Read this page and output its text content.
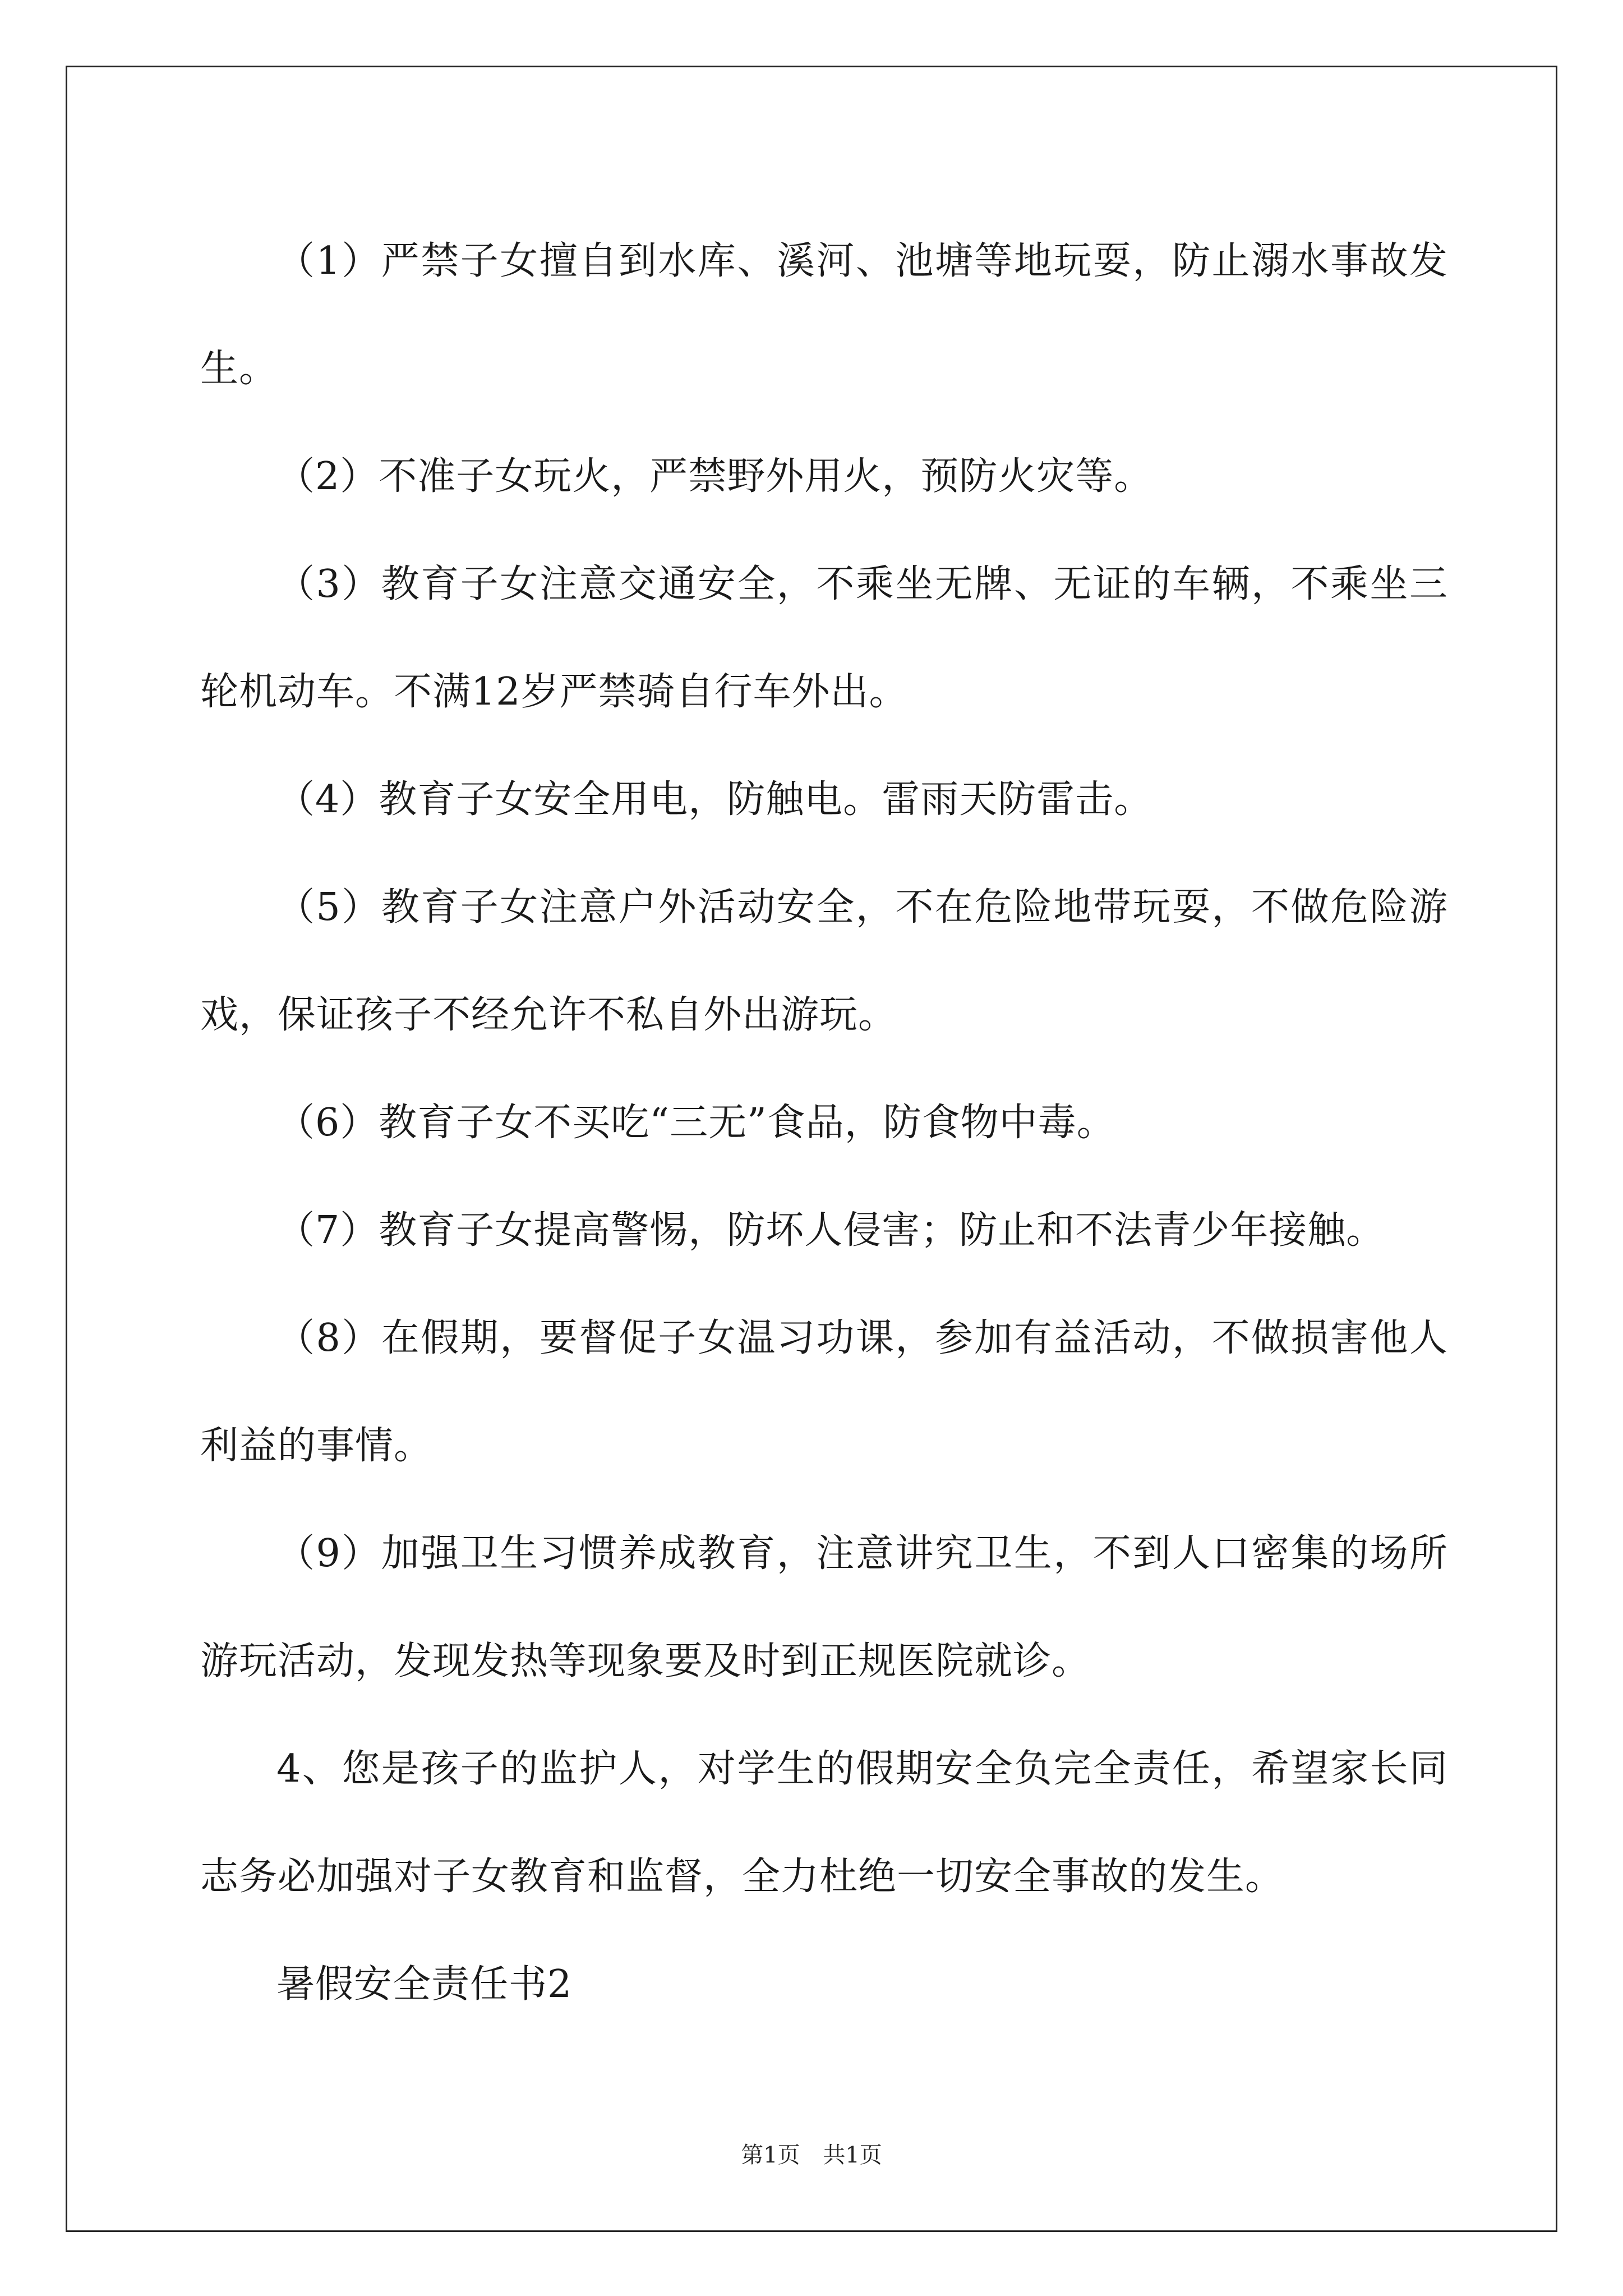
（1）严禁子女擅自到水库、溪河、池塘等地玩耍，防止溺水事故发生。

（2）不准子女玩火，严禁野外用火，预防火灾等。

（3）教育子女注意交通安全，不乘坐无牌、无证的车辆，不乘坐三轮机动车。不满12岁严禁骑自行车外出。

（4）教育子女安全用电，防触电。雷雨天防雷击。

（5）教育子女注意户外活动安全，不在危险地带玩耍，不做危险游戏，保证孩子不经允许不私自外出游玩。

（6）教育子女不买吃“三无”食品，防食物中毒。

（7）教育子女提高警惕，防坏人侵害；防止和不法青少年接触。

（8）在假期，要督促子女温习功课，参加有益活动，不做损害他人利益的事情。

（9）加强卫生习惯养成教育，注意讲究卫生，不到人口密集的场所游玩活动，发现发热等现象要及时到正规医院就诊。

4、您是孩子的监护人，对学生的假期安全负完全责任，希望家长同志务必加强对子女教育和监督，全力杜绝一切安全事故的发生。

暑假安全责任书2

第1页 共1页
